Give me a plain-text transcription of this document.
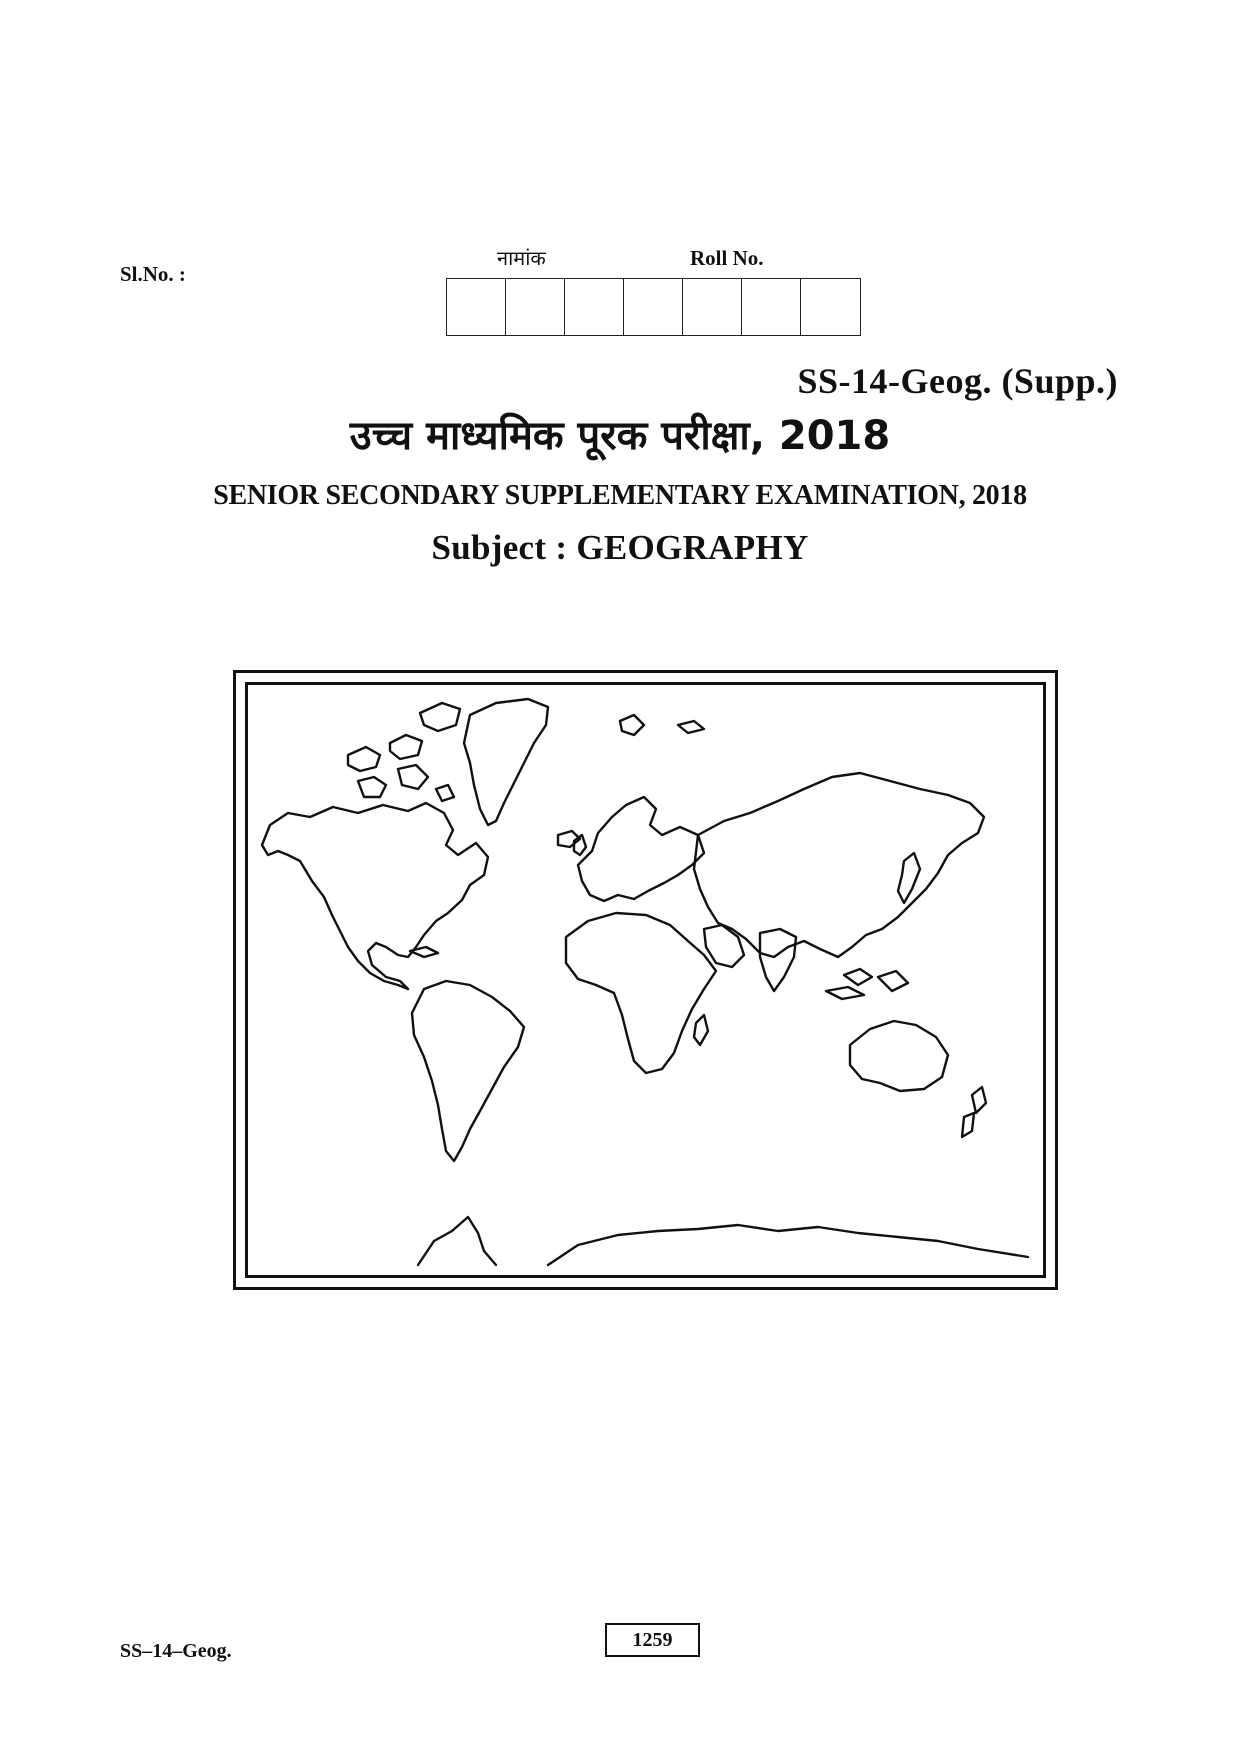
Sl.No. :
नामांक	Roll No.
SS-14-Geog. (Supp.)
उच्च माध्यमिक पूरक परीक्षा, 2018
SENIOR SECONDARY SUPPLEMENTARY EXAMINATION, 2018
Subject : GEOGRAPHY
SS–14–Geog.	1259
